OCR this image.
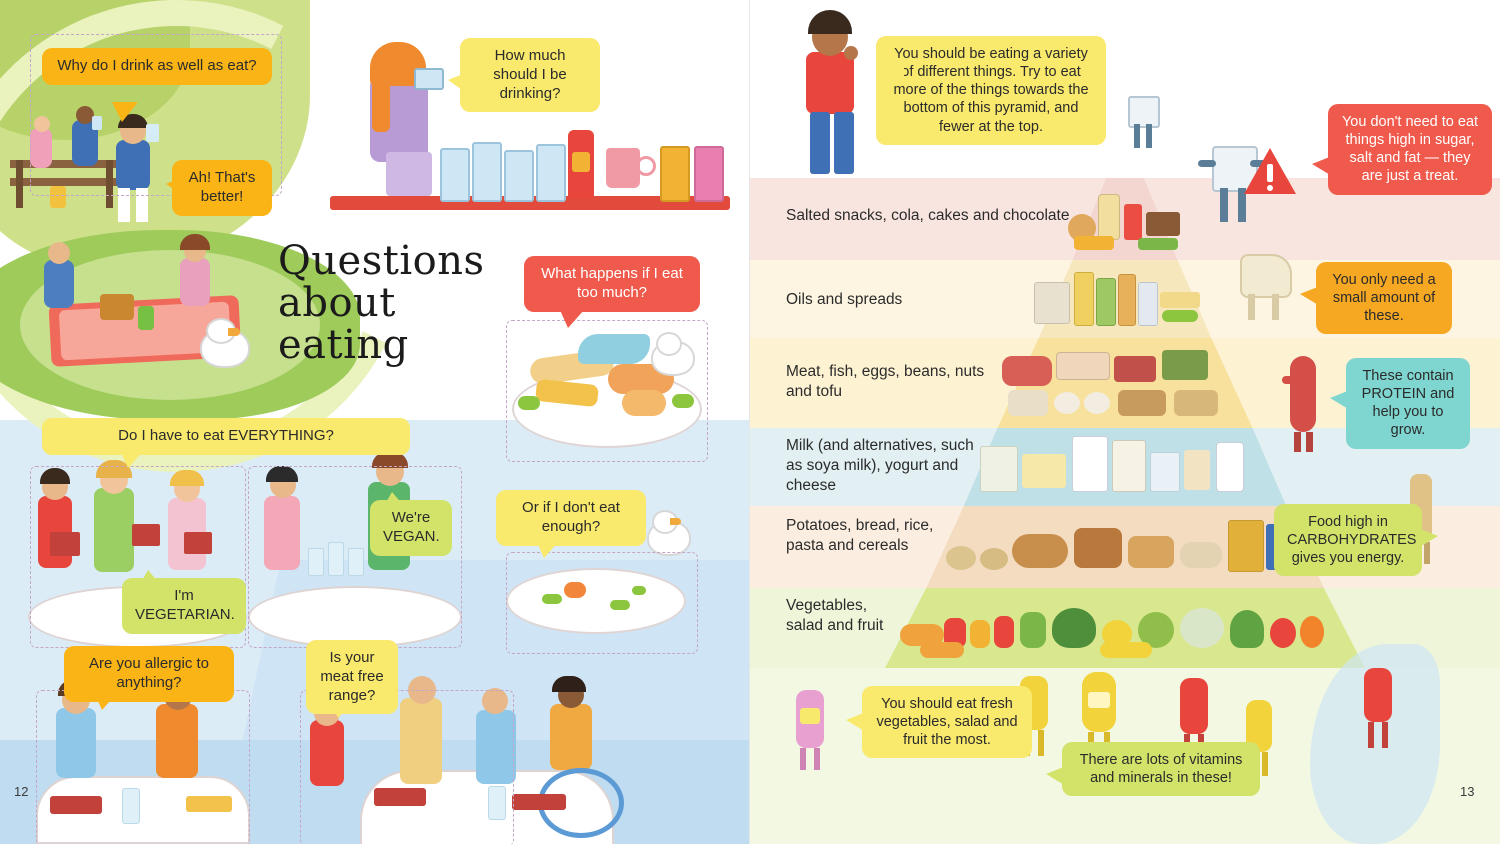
Why do I drink as well as eat?
Ah! That's better!
How much should I be drinking?
What happens if I eat too much?
Or if I don't eat enough?
Do I have to eat EVERYTHING?
I'm VEGETARIAN.
We're VEGAN.
Are you allergic to anything?
Is your meat free range?
Questions
about
eating
12
Salted snacks, cola, cakes and chocolate
Oils and spreads
Meat, fish, eggs, beans, nuts and tofu
Milk (and alternatives, such as soya milk), yogurt and cheese
Potatoes, bread, rice, pasta and cereals
Vegetables, salad and fruit
You should be eating a variety of different things. Try to eat more of the things towards the bottom of this pyramid, and fewer at the top.	You don't need to eat things high in sugar, salt and fat — they are just a treat.
You only need a small amount of these.
These contain PROTEIN and help you to grow.
Food high in CARBOHYDRATES gives you energy.
You should eat fresh vegetables, salad and fruit the most.
There are lots of vitamins and minerals in these!
13
